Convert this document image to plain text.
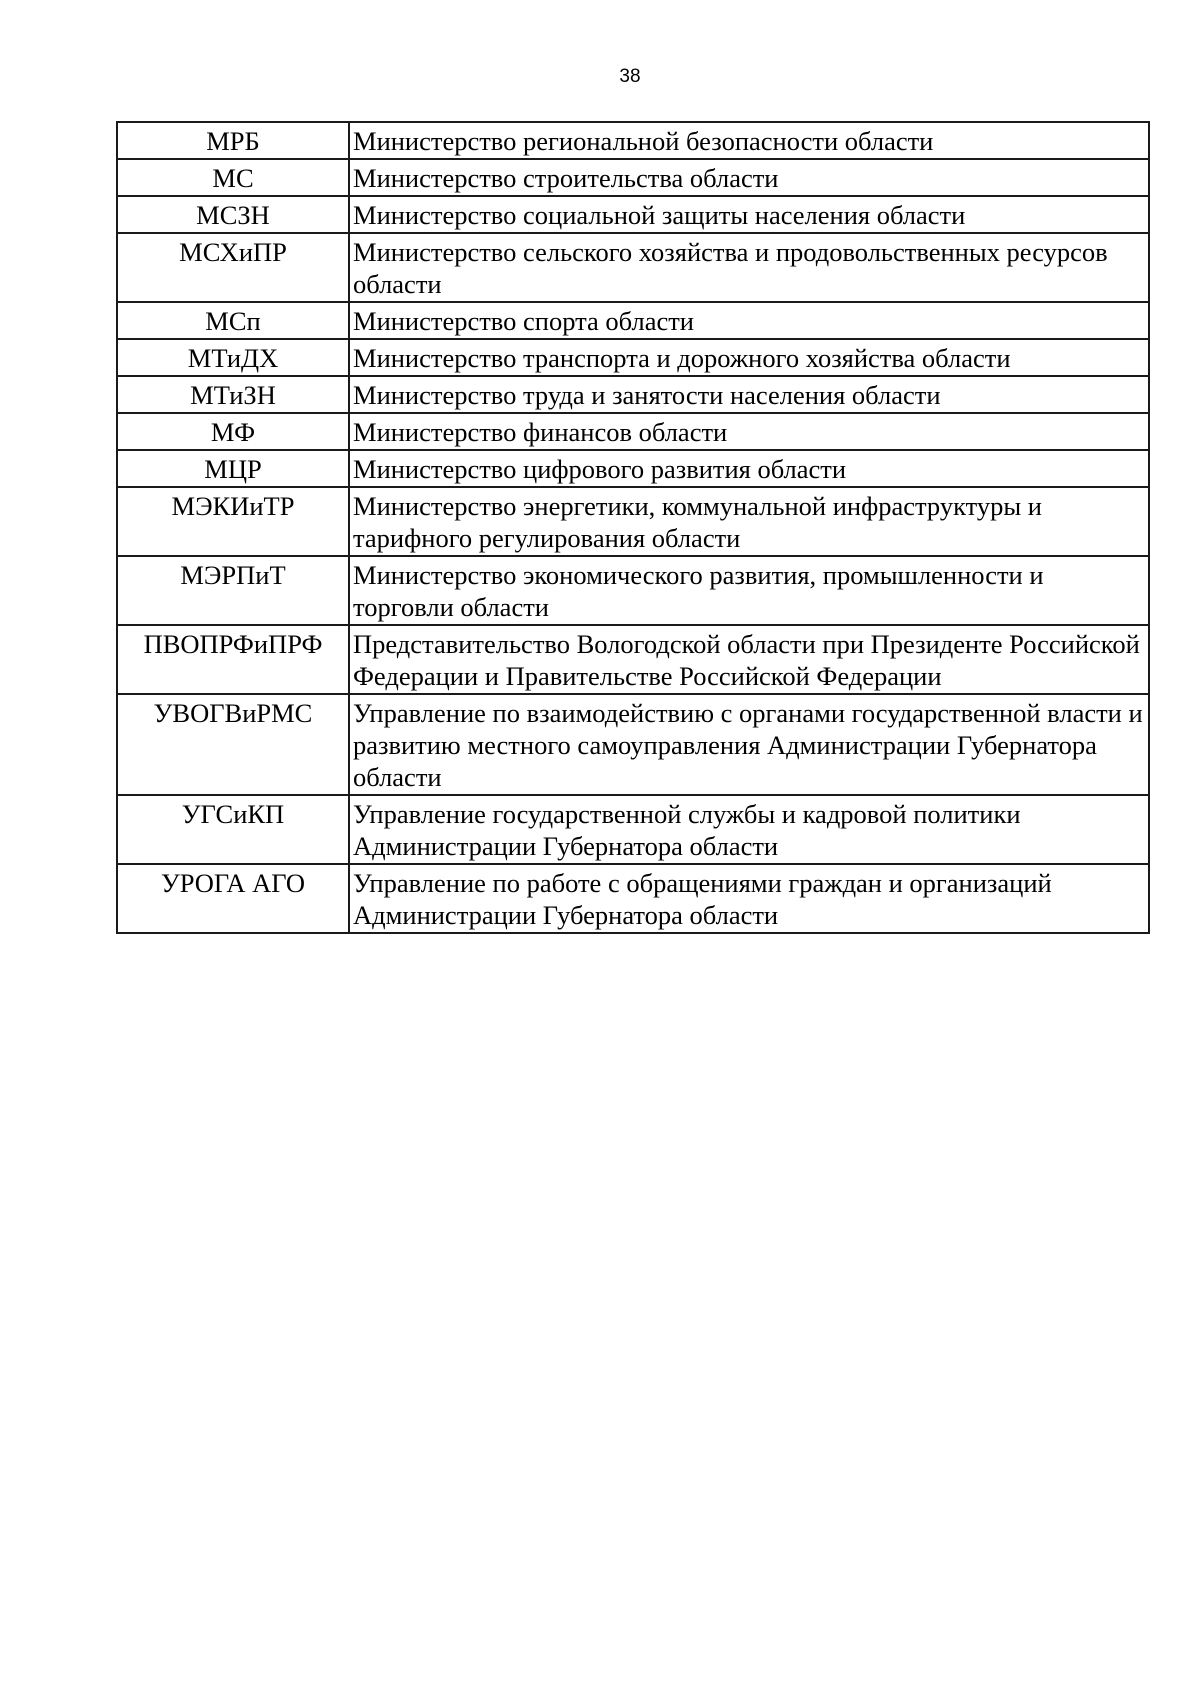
38
МРБ	Министерство региональной безопасности области
МС	Министерство строительства области
МСЗН	Министерство социальной защиты населения области
МСХиПР	Министерство сельского хозяйства и продовольственных ресурсов области
МСп	Министерство спорта области
МТиДХ	Министерство транспорта и дорожного хозяйства области
МТиЗН	Министерство труда и занятости населения области
МФ	Министерство финансов области
МЦР	Министерство цифрового развития области
МЭКИиТР	Министерство энергетики, коммунальной инфраструктуры и тарифного регулирования области
МЭРПиТ	Министерство экономического развития, промышленности и торговли области
ПВОПРФиПРФ	Представительство Вологодской области при Президенте Российской Федерации и Правительстве Российской Федерации
УВОГВиРМС	Управление по взаимодействию с органами государственной власти и развитию местного самоуправления Администрации Губернатора области
УГСиКП	Управление государственной службы и кадровой политики Администрации Губернатора области
УРОГА АГО	Управление по работе с обращениями граждан и организаций Администрации Губернатора области
